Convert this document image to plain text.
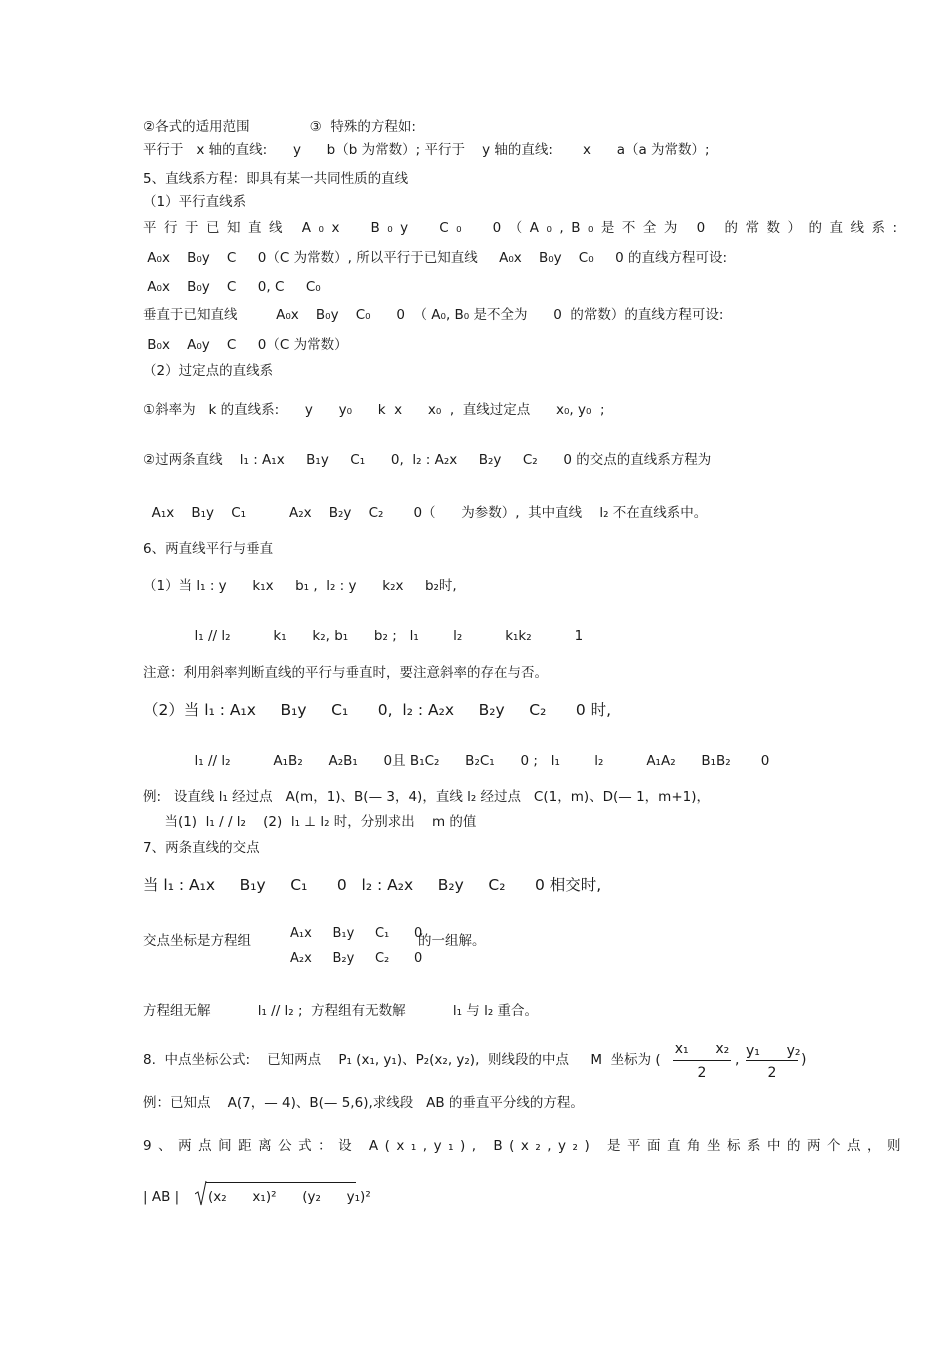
②各式的适用范围              ③  特殊的方程如:
平行于   x 轴的直线:      y      b（b 为常数）; 平行于    y 轴的直线:       x      a（a 为常数）;
5、直线系方程：即具有某一共同性质的直线
（1）平行直线系
平行于已知直线 A₀x  B₀y  C₀  0（A₀,B₀是不全为 0 的常数）的直线系:
A₀x    B₀y    C     0（C 为常数）, 所以平行于已知直线     A₀x    B₀y    C₀     0 的直线方程可设:
A₀x    B₀y    C     0, C     C₀
垂直于已知直线         A₀x    B₀y    C₀      0  （ A₀, B₀ 是不全为      0  的常数）的直线方程可设:
B₀x    A₀y    C     0（C 为常数）
（2）过定点的直线系
①斜率为   k 的直线系:      y      y₀      k  x      x₀  ,  直线过定点      x₀, y₀  ;
②过两条直线    l₁ : A₁x     B₁y     C₁      0,  l₂ : A₂x     B₂y     C₂      0 的交点的直线系方程为
A₁x    B₁y    C₁          A₂x    B₂y    C₂       0（      为参数）,  其中直线    l₂ 不在直线系中。
6、两直线平行与垂直
（1）当 l₁ : y      k₁x     b₁ ,  l₂ : y      k₂x     b₂时,
l₁ // l₂          k₁      k₂, b₁      b₂ ;   l₁        l₂          k₁k₂          1
注意：利用斜率判断直线的平行与垂直时，要注意斜率的存在与否。
（2）当 l₁ : A₁x     B₁y     C₁      0,  l₂ : A₂x     B₂y     C₂      0 时,
l₁ // l₂          A₁B₂      A₂B₁      0且 B₁C₂      B₂C₁      0 ;   l₁        l₂          A₁A₂      B₁B₂       0
例:   设直线 l₁ 经过点   A(m，1)、B(— 3，4)，直线 l₂ 经过点   C(1，m)、D(— 1，m+1)，
当(1)  l₁ / / l₂    (2)  l₁ ⊥ l₂ 时，分别求出    m 的值
7、两条直线的交点
当 l₁ : A₁x     B₁y     C₁      0   l₂ : A₂x     B₂y     C₂      0 相交时,
交点坐标是方程组	A₁x     B₁y     C₁      0
A₂x     B₂y     C₂      0
的一组解。
方程组无解           l₁ // l₂ ;  方程组有无数解           l₁ 与 l₂ 重合。
8.  中点坐标公式:    已知两点    P₁ (x₁, y₁)、P₂(x₂, y₂),  则线段的中点     M  坐标为 (	,	)
x₁      x₂
2
y₁      y₂
2
例：已知点    A(7，— 4)、B(— 5,6),求线段   AB 的垂直平分线的方程。
9、两点间距离公式：设 A(x₁,y₁), B(x₂,y₂) 是平面直角坐标系中的两个点，则
| AB | (x₂      x₁)²      (y₂      y₁)²
